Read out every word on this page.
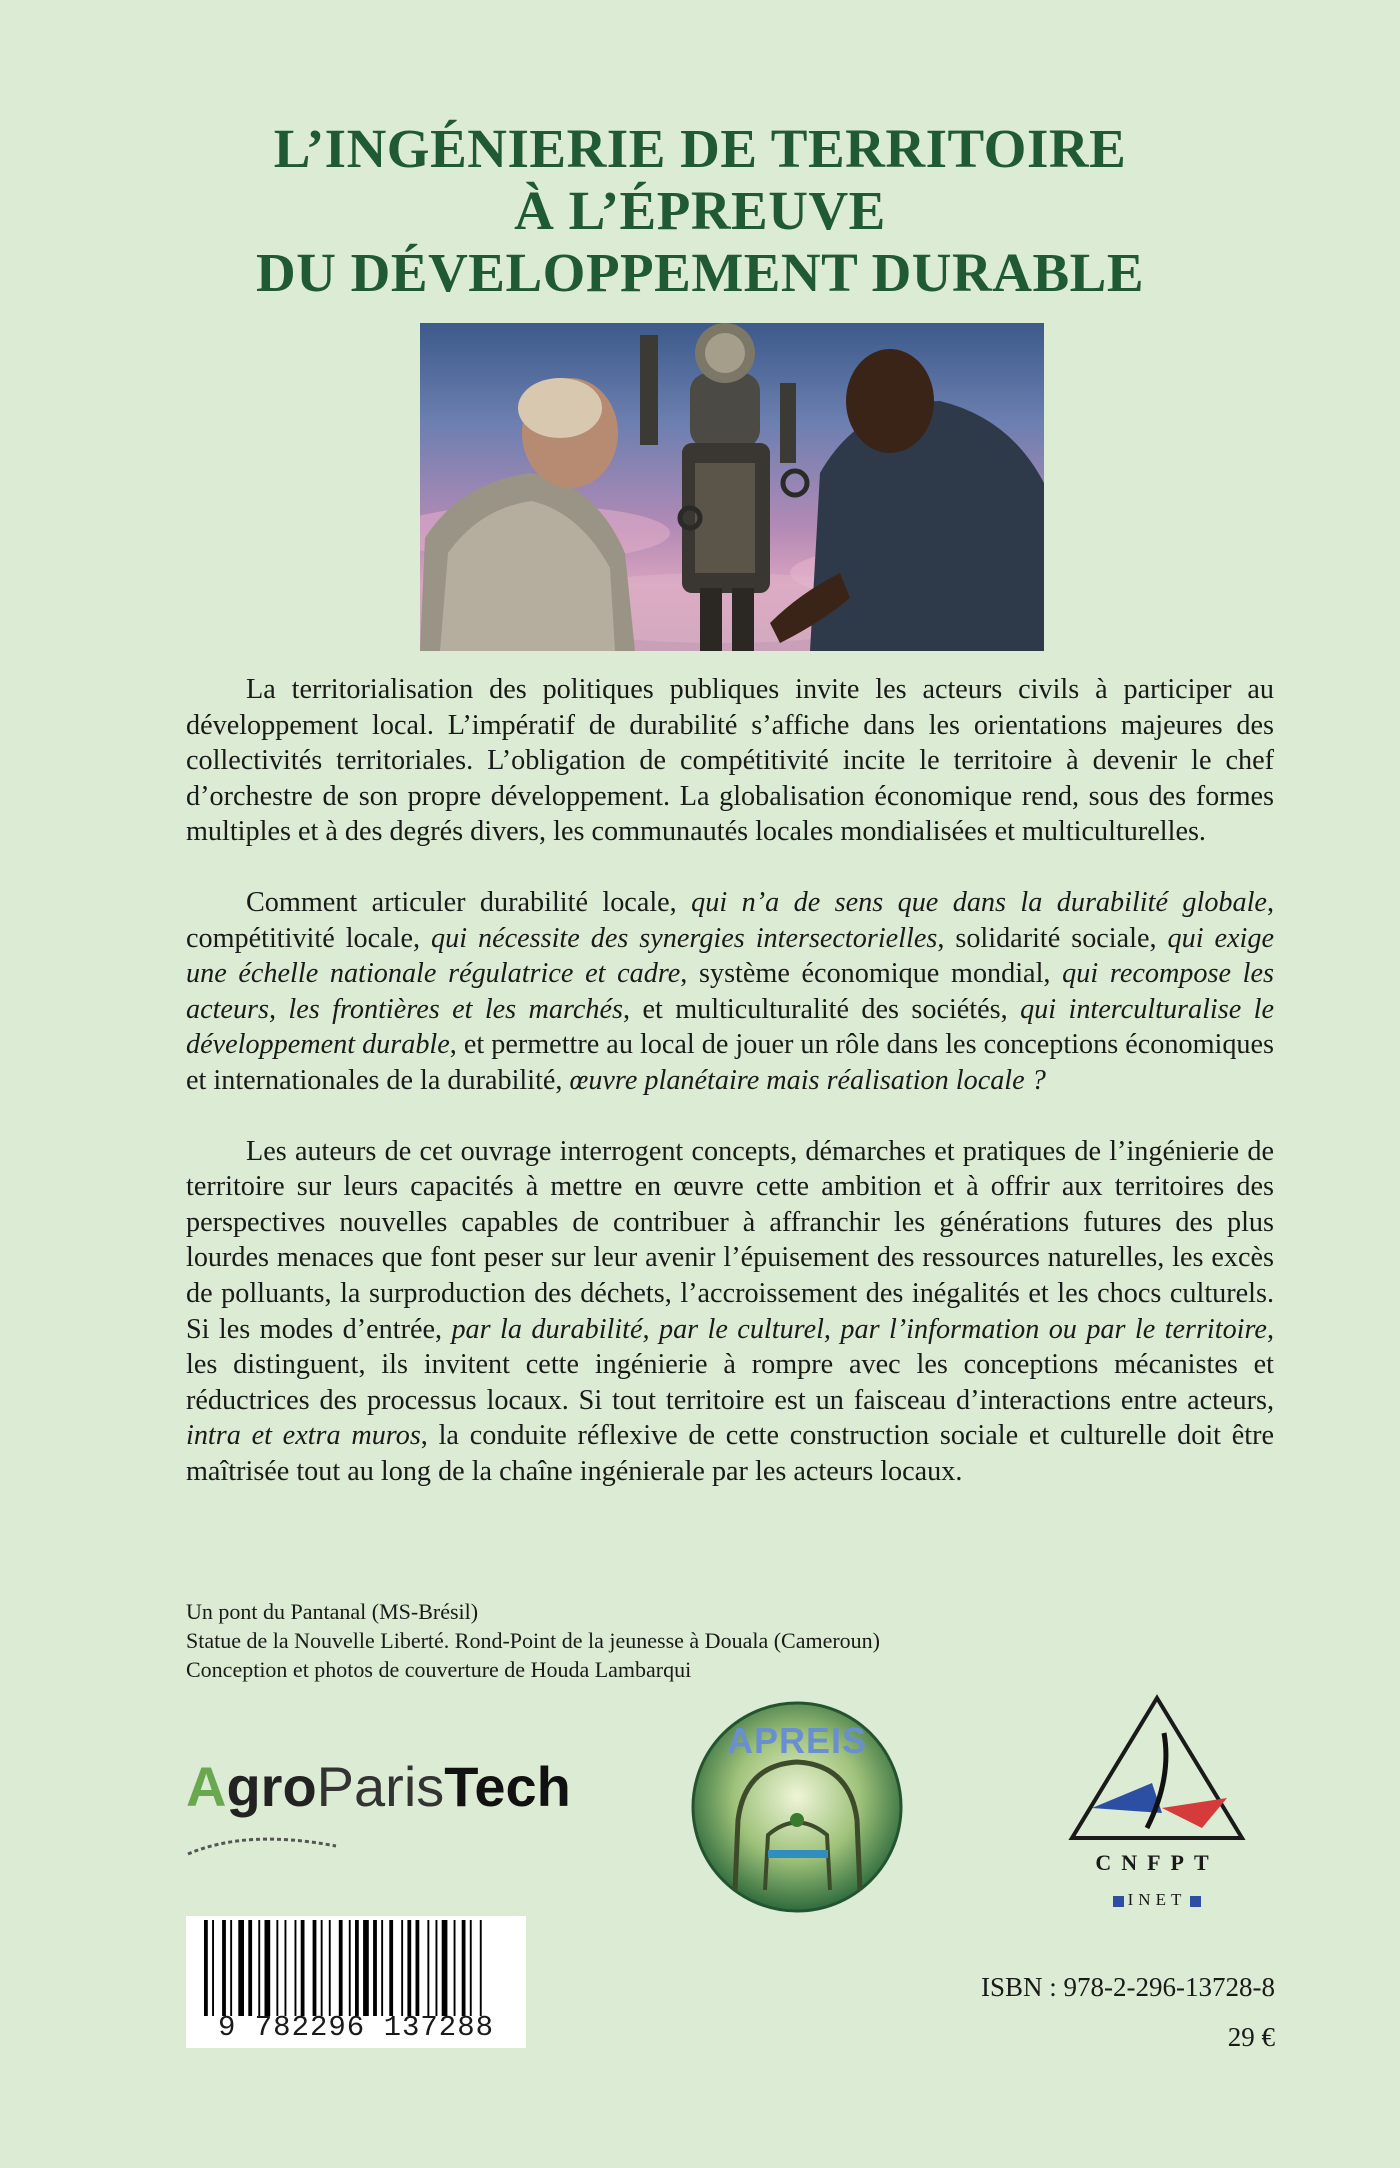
L’INGÉNIERIE DE TERRITOIRE
À L’ÉPREUVE
DU DÉVELOPPEMENT DURABLE

La territorialisation des politiques publiques invite les acteurs civils à participer au développement local. L’impératif de durabilité s’affiche dans les orientations majeures des collectivités territoriales. L’obligation de compétitivité incite le territoire à devenir le chef d’orchestre de son propre développement. La globalisation économique rend, sous des formes multiples et à des degrés divers, les communautés locales mondialisées et multiculturelles.

Comment articuler durabilité locale, qui n’a de sens que dans la durabilité globale, compétitivité locale, qui nécessite des synergies intersectorielles, solidarité sociale, qui exige une échelle nationale régulatrice et cadre, système économique mondial, qui recompose les acteurs, les frontières et les marchés, et multiculturalité des sociétés, qui interculturalise le développement durable, et permettre au local de jouer un rôle dans les conceptions économiques et internationales de la durabilité, œuvre planétaire mais réalisation locale ?

Les auteurs de cet ouvrage interrogent concepts, démarches et pratiques de l’ingénierie de territoire sur leurs capacités à mettre en œuvre cette ambition et à offrir aux territoires des perspectives nouvelles capables de contribuer à affranchir les générations futures des plus lourdes menaces que font peser sur leur avenir l’épuisement des ressources naturelles, les excès de polluants, la surproduction des déchets, l’accroissement des inégalités et les chocs culturels. Si les modes d’entrée, par la durabilité, par le culturel, par l’information ou par le territoire, les distinguent, ils invitent cette ingénierie à rompre avec les conceptions mécanistes et réductrices des processus locaux. Si tout territoire est un faisceau d’interactions entre acteurs, intra et extra muros, la conduite réflexive de cette construction sociale et culturelle doit être maîtrisée tout au long de la chaîne ingénierale par les acteurs locaux.

Un pont du Pantanal (MS-Brésil)
Statue de la Nouvelle Liberté. Rond-Point de la jeunesse à Douala (Cameroun)
Conception et photos de couverture de Houda Lambarqui
AgroParisTech
APREIS
CNFPT
INET
9 782296 137288
ISBN : 978-2-296-13728-8
29 €
